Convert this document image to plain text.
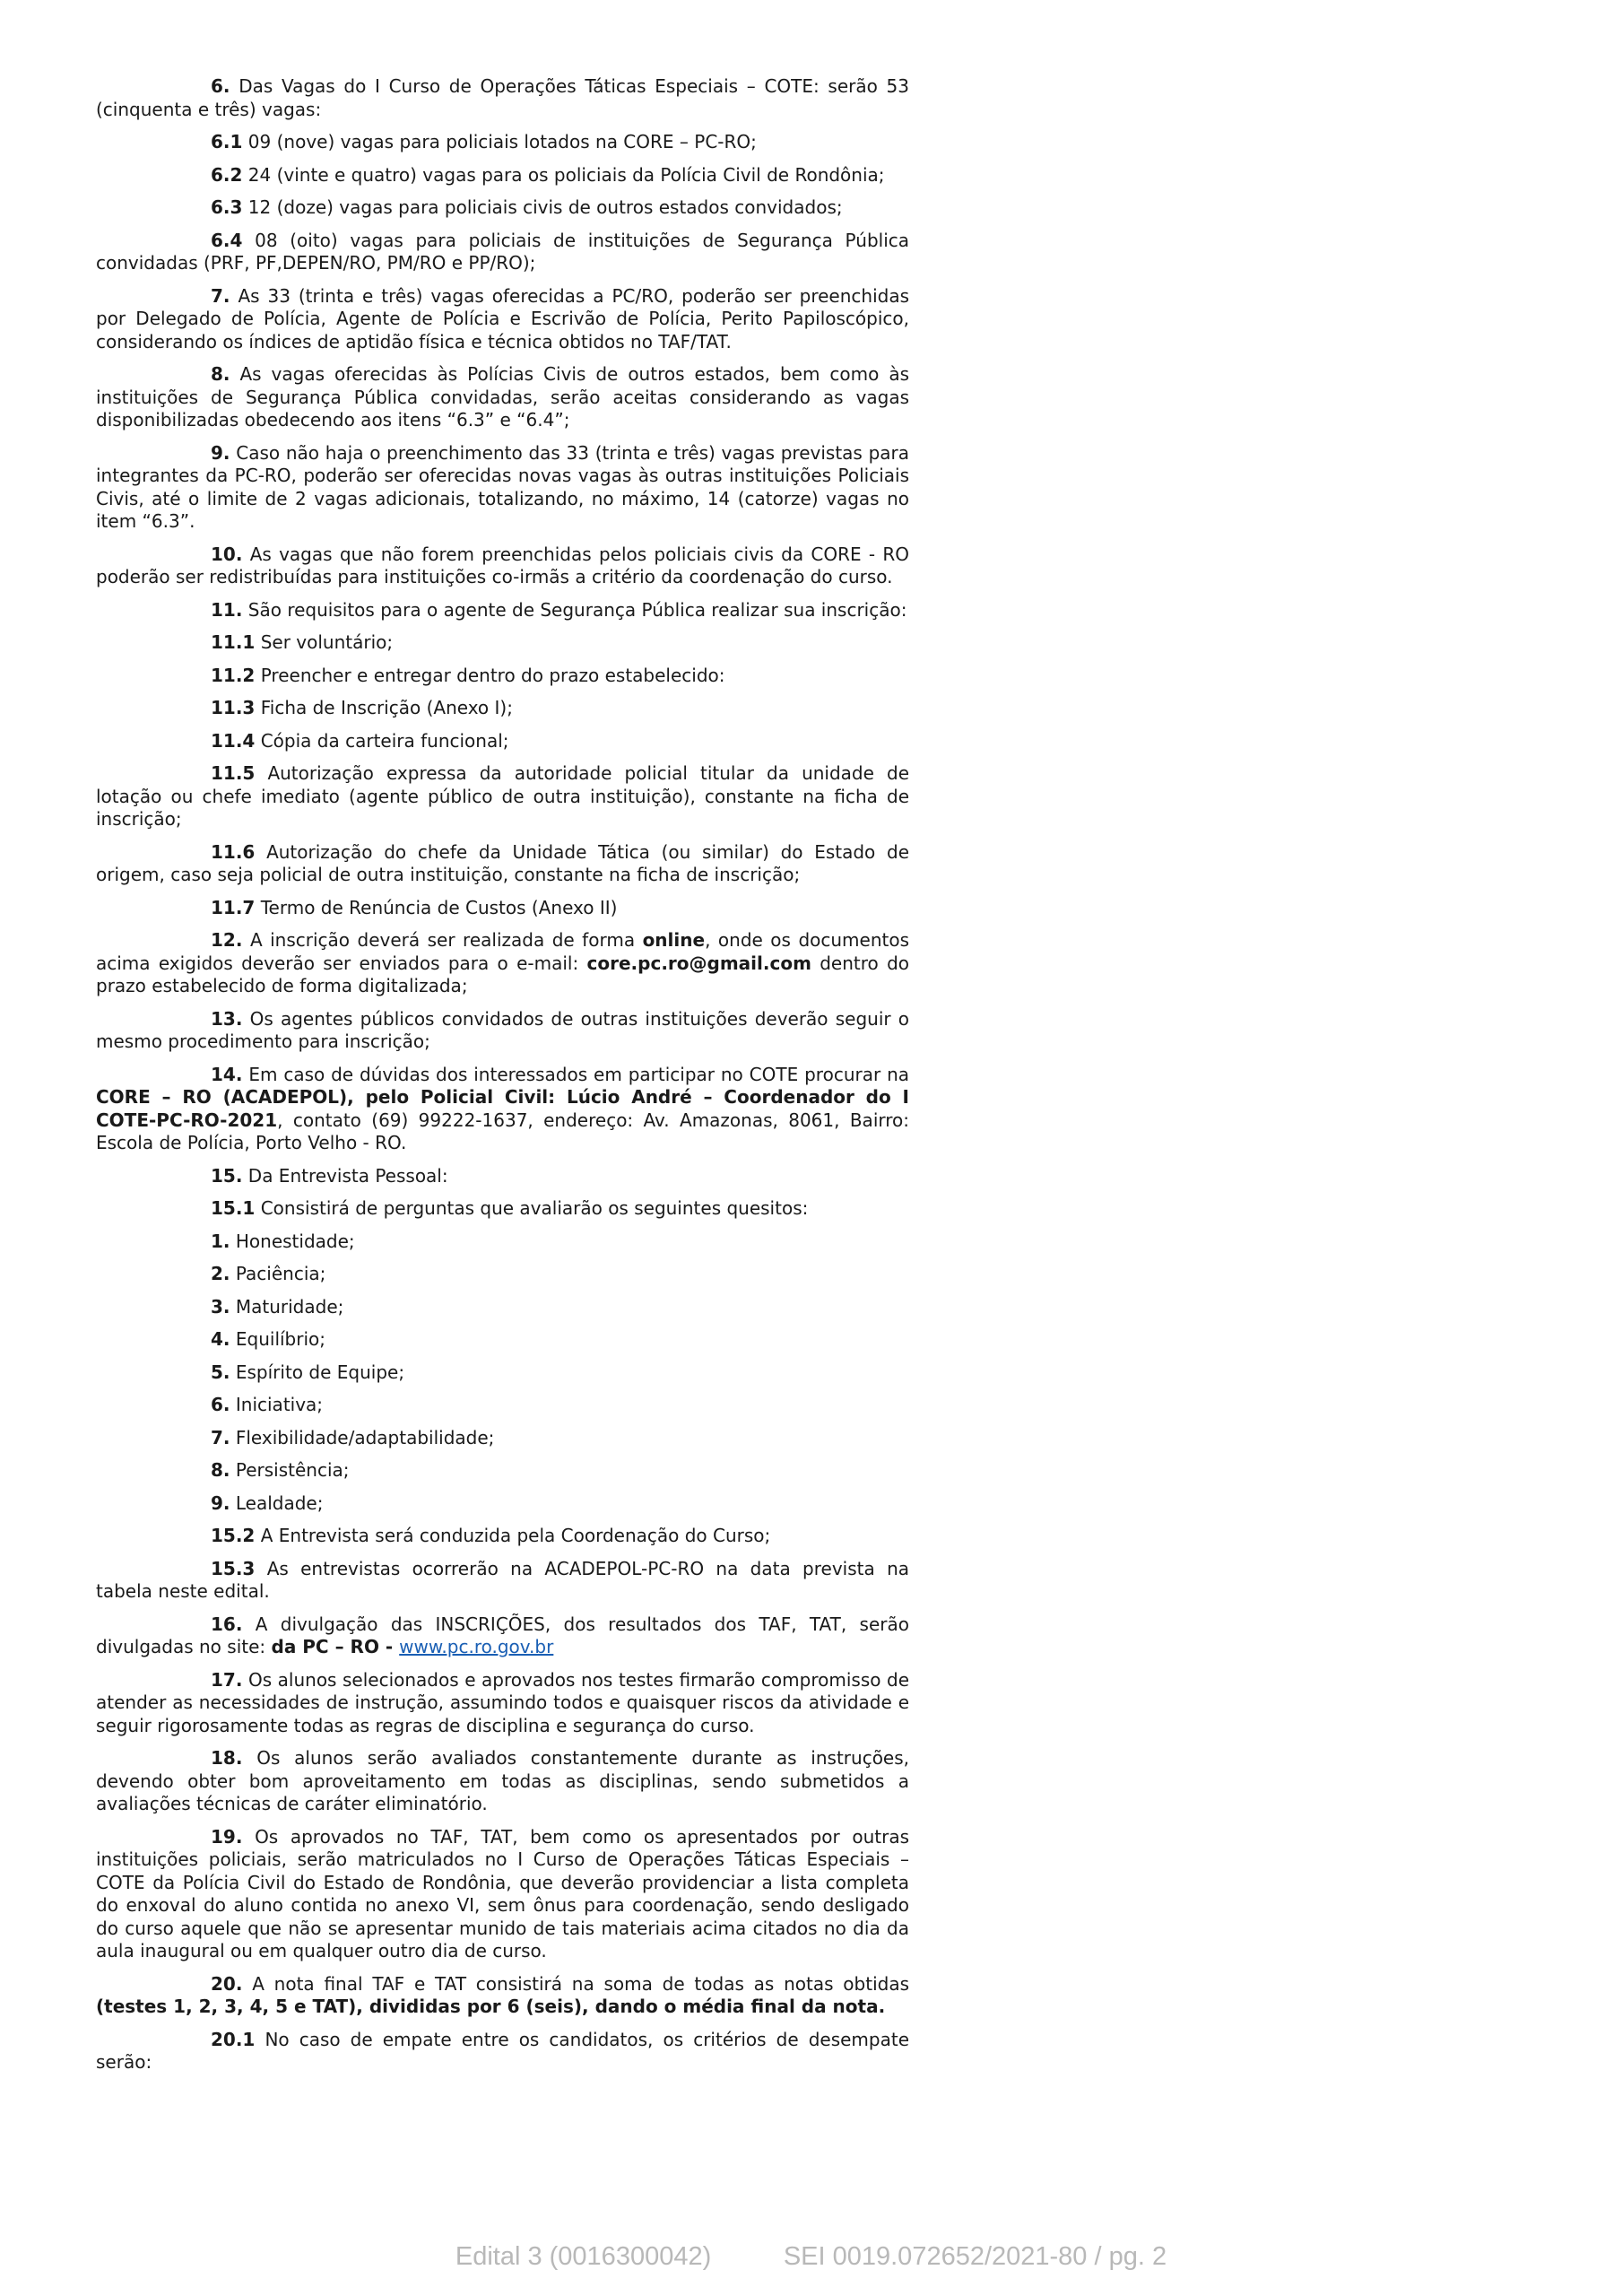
6. Das Vagas do I Curso de Operações Táticas Especiais – COTE: serão 53 (cinquenta e três) vagas:

6.1 09 (nove) vagas para policiais lotados na CORE – PC-RO;

6.2 24 (vinte e quatro) vagas para os policiais da Polícia Civil de Rondônia;

6.3 12 (doze) vagas para policiais civis de outros estados convidados;

6.4 08 (oito) vagas para policiais de instituições de Segurança Pública convidadas (PRF, PF,DEPEN/RO, PM/RO e PP/RO);

7. As 33 (trinta e três) vagas oferecidas a PC/RO, poderão ser preenchidas por Delegado de Polícia, Agente de Polícia e Escrivão de Polícia, Perito Papiloscópico, considerando os índices de aptidão física e técnica obtidos no TAF/TAT.

8. As vagas oferecidas às Polícias Civis de outros estados, bem como às instituições de Segurança Pública convidadas, serão aceitas considerando as vagas disponibilizadas obedecendo aos itens “6.3” e “6.4”;

9. Caso não haja o preenchimento das 33 (trinta e três) vagas previstas para integrantes da PC-RO, poderão ser oferecidas novas vagas às outras instituições Policiais Civis, até o limite de 2 vagas adicionais, totalizando, no máximo, 14 (catorze) vagas no item “6.3”.

10. As vagas que não forem preenchidas pelos policiais civis da CORE - RO poderão ser redistribuídas para instituições co-irmãs a critério da coordenação do curso.

11. São requisitos para o agente de Segurança Pública realizar sua inscrição:

11.1 Ser voluntário;

11.2 Preencher e entregar dentro do prazo estabelecido:

11.3 Ficha de Inscrição (Anexo I);

11.4 Cópia da carteira funcional;

11.5 Autorização expressa da autoridade policial titular da unidade de lotação ou chefe imediato (agente público de outra instituição), constante na ficha de inscrição;

11.6 Autorização do chefe da Unidade Tática (ou similar) do Estado de origem, caso seja policial de outra instituição, constante na ficha de inscrição;

11.7 Termo de Renúncia de Custos (Anexo II)

12. A inscrição deverá ser realizada de forma online, onde os documentos acima exigidos deverão ser enviados para o e-mail: core.pc.ro@gmail.com dentro do prazo estabelecido de forma digitalizada;

13. Os agentes públicos convidados de outras instituições deverão seguir o mesmo procedimento para inscrição;

14. Em caso de dúvidas dos interessados em participar no COTE procurar na CORE – RO (ACADEPOL), pelo Policial Civil: Lúcio André – Coordenador do I COTE-PC-RO-2021, contato (69) 99222-1637, endereço: Av. Amazonas, 8061, Bairro: Escola de Polícia, Porto Velho - RO.

15. Da Entrevista Pessoal:

15.1 Consistirá de perguntas que avaliarão os seguintes quesitos:

1. Honestidade;

2. Paciência;

3. Maturidade;

4. Equilíbrio;

5. Espírito de Equipe;

6. Iniciativa;

7. Flexibilidade/adaptabilidade;

8. Persistência;

9. Lealdade;

15.2 A Entrevista será conduzida pela Coordenação do Curso;

15.3 As entrevistas ocorrerão na ACADEPOL-PC-RO na data prevista na tabela neste edital.

16. A divulgação das INSCRIÇÕES, dos resultados dos TAF, TAT, serão divulgadas no site: da PC – RO - www.pc.ro.gov.br

17. Os alunos selecionados e aprovados nos testes firmarão compromisso de atender as necessidades de instrução, assumindo todos e quaisquer riscos da atividade e seguir rigorosamente todas as regras de disciplina e segurança do curso.

18. Os alunos serão avaliados constantemente durante as instruções, devendo obter bom aproveitamento em todas as disciplinas, sendo submetidos a avaliações técnicas de caráter eliminatório.

19. Os aprovados no TAF, TAT, bem como os apresentados por outras instituições policiais, serão matriculados no I Curso de Operações Táticas Especiais – COTE da Polícia Civil do Estado de Rondônia, que deverão providenciar a lista completa do enxoval do aluno contida no anexo VI, sem ônus para coordenação, sendo desligado do curso aquele que não se apresentar munido de tais materiais acima citados no dia da aula inaugural ou em qualquer outro dia de curso.

20. A nota final TAF e TAT consistirá na soma de todas as notas obtidas (testes 1, 2, 3, 4, 5 e TAT), divididas por 6 (seis), dando o média final da nota.

20.1 No caso de empate entre os candidatos, os critérios de desempate serão:

Edital 3 (0016300042)          SEI 0019.072652/2021-80 / pg. 2
